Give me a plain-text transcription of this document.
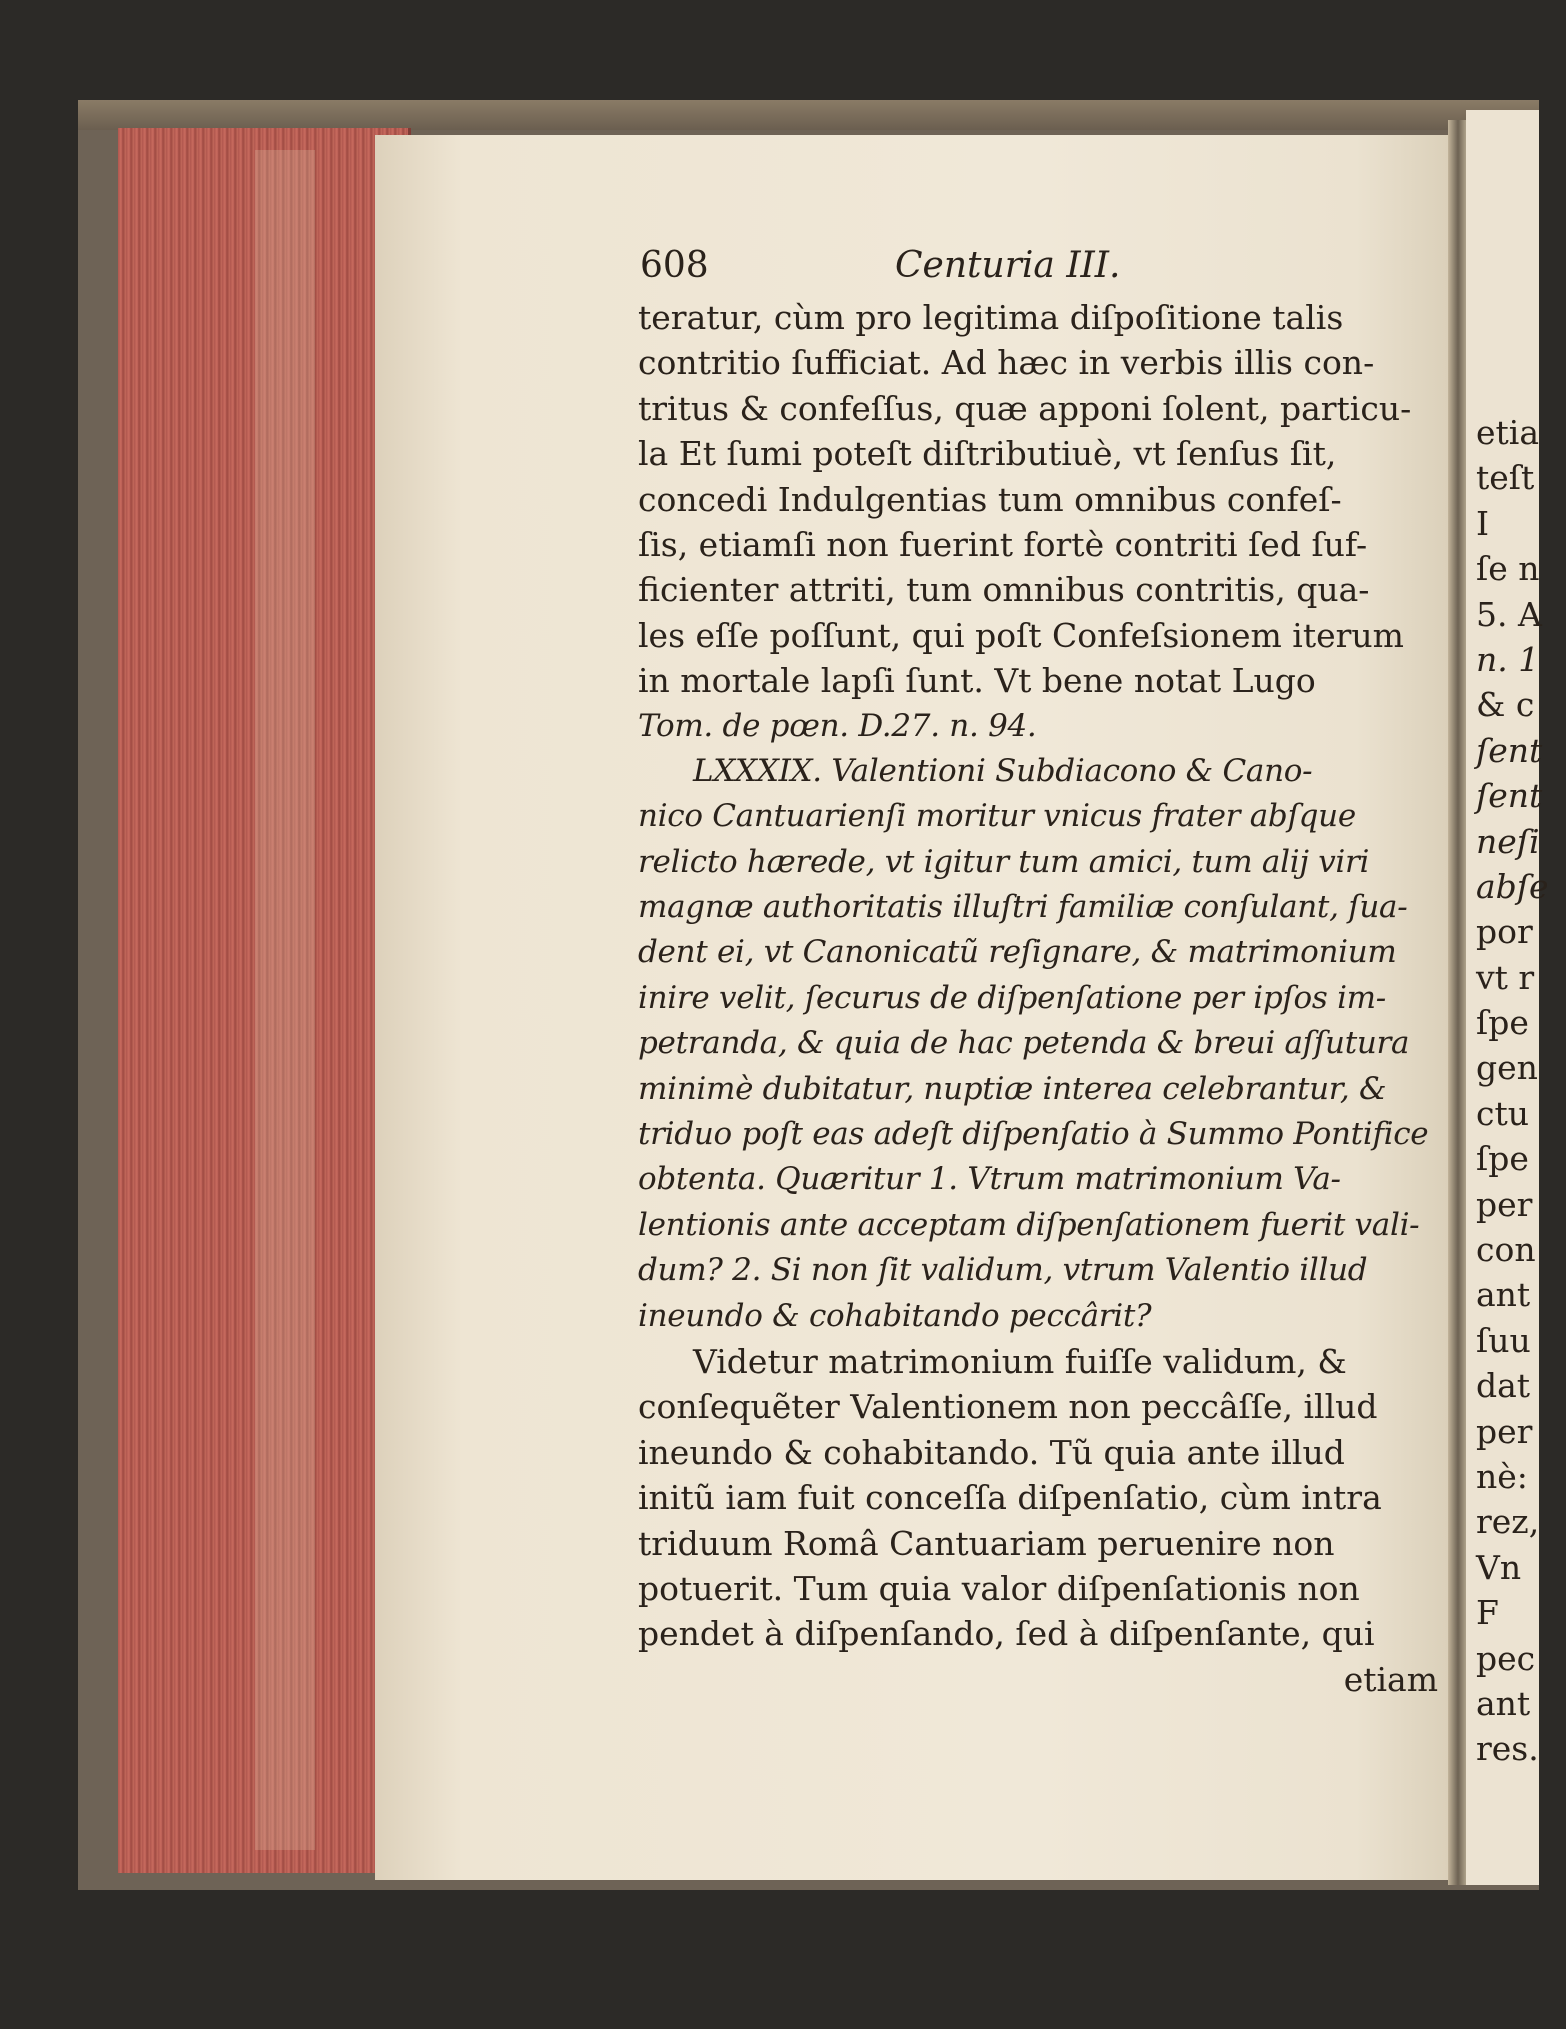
etia
teſt
I
ſe n
5. A
n. 1
& c
ſent
ſent
neſi
abſe
por
vt r
ſpe
gen
ctu
ſpe
per
con
ant
ſuu
dat
per
nè:
rez,
Vn
F
pec
ant
res.
608	Centuria III.
teratur, cùm pro legitima diſpoſitione talis
contritio ſufficiat. Ad hæc in verbis illis con-
tritus & confeſſus, quæ apponi ſolent, particu-
la Et ſumi poteſt diſtributiuè, vt ſenſus ſit,
concedi Indulgentias tum omnibus confeſ-
ſis, etiamſi non fuerint fortè contriti ſed ſuf-
ficienter attriti, tum omnibus contritis, qua-
les eſſe poſſunt, qui poſt Confeſsionem iterum
in mortale lapſi ſunt. Vt bene notat Lugo
Tom. de pœn. D.27. n. 94.
LXXXIX. Valentioni Subdiacono & Cano-
nico Cantuarienſi moritur vnicus frater abſque
relicto hærede, vt igitur tum amici, tum alij viri
magnæ authoritatis illuſtri familiæ conſulant, ſua-
dent ei, vt Canonicatũ reſignare, & matrimonium
inire velit, ſecurus de diſpenſatione per ipſos im-
petranda, & quia de hac petenda & breui aſſutura
minimè dubitatur, nuptiæ interea celebrantur, &
triduo poſt eas adeſt diſpenſatio à Summo Pontifice
obtenta. Quæritur 1. Vtrum matrimonium Va-
lentionis ante acceptam diſpenſationem fuerit vali-
dum? 2. Si non ſit validum, vtrum Valentio illud
ineundo & cohabitando peccârit?
Videtur matrimonium fuiſſe validum, &
conſequẽter Valentionem non peccâſſe, illud
ineundo & cohabitando. Tũ quia ante illud
initũ iam fuit conceſſa diſpenſatio, cùm intra
triduum Româ Cantuariam peruenire non
potuerit. Tum quia valor diſpenſationis non
pendet à diſpenſando, ſed à diſpenſante, qui
etiam
